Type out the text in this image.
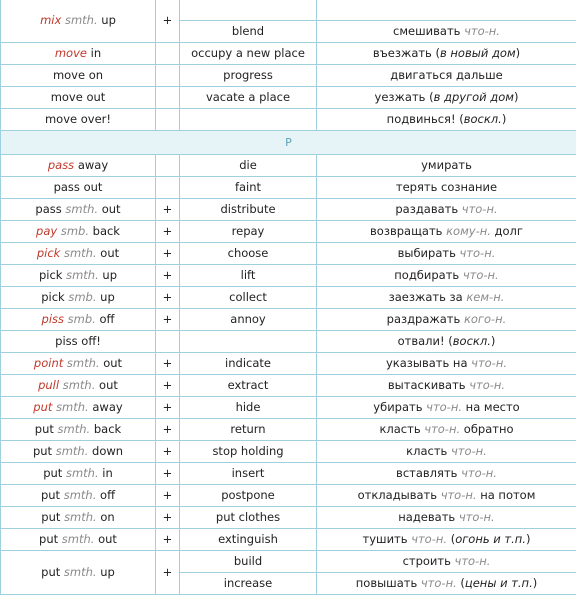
mix smth. up	+		
		blend	смешивать что-н.
move in		occupy a new place	въезжать (в новый дом)
move on		progress	двигаться дальше
move out		vacate a place	уезжать (в другой дом)
move over!			подвинься! (воскл.)
P			
pass away		die	умирать
pass out		faint	терять сознание
pass smth. out	+	distribute	раздавать что-н.
pay smb. back	+	repay	возвращать кому-н. долг
pick smth. out	+	choose	выбирать что-н.
pick smth. up	+	lift	подбирать что-н.
pick smb. up	+	collect	заезжать за кем-н.
piss smb. off	+	annoy	раздражать кого-н.
piss off!			отвали! (воскл.)
point smth. out	+	indicate	указывать на что-н.
pull smth. out	+	extract	вытаскивать что-н.
put smth. away	+	hide	убирать что-н. на место
put smth. back	+	return	класть что-н. обратно
put smth. down	+	stop holding	класть что-н.
put smth. in	+	insert	вставлять что-н.
put smth. off	+	postpone	откладывать что-н. на потом
put smth. on	+	put clothes	надевать что-н.
put smth. out	+	extinguish	тушить что-н. (огонь и т.п.)
put smth. up	+	build	строить что-н.
		increase	повышать что-н. (цены и т.п.)
